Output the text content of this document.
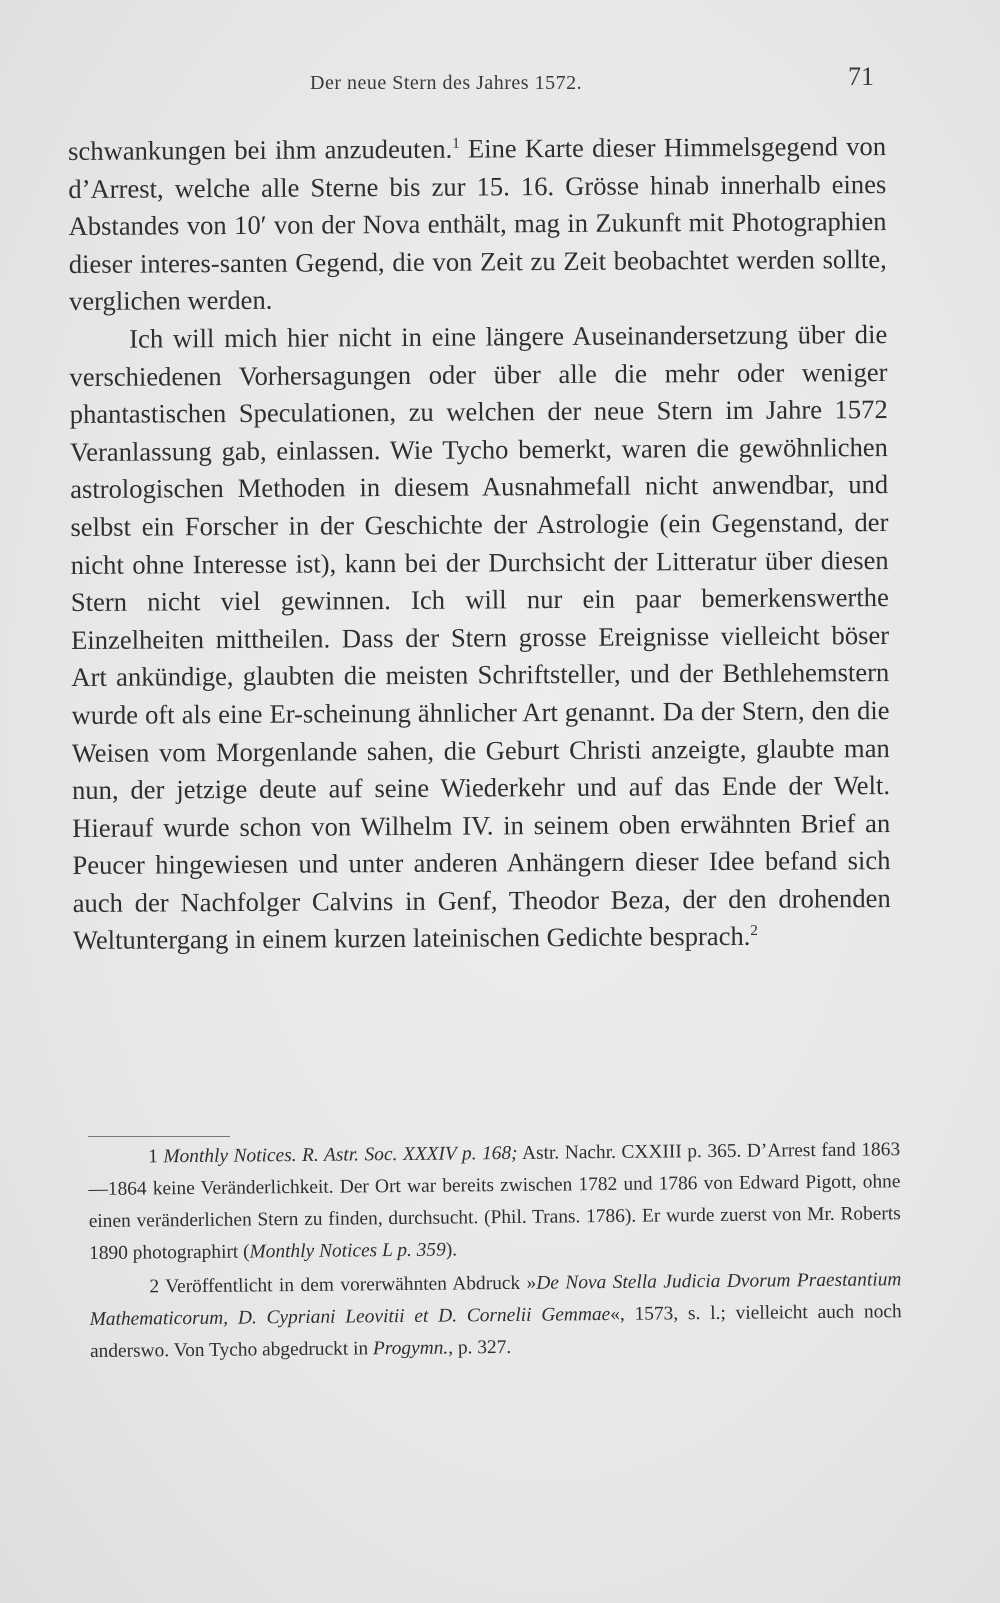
Der neue Stern des Jahres 1572.	71

schwankungen bei ihm anzudeuten.$^1$ Eine Karte dieser Himmelsgegend von d’Arrest, welche alle Sterne bis zur 15. 16. Grösse hinab innerhalb eines Abstandes von 10′ von der Nova enthält, mag in Zukunft mit Photographien dieser interes-santen Gegend, die von Zeit zu Zeit beobachtet werden sollte, verglichen werden.

Ich will mich hier nicht in eine längere Auseinandersetzung über die verschiedenen Vorhersagungen oder über alle die mehr oder weniger phantastischen Speculationen, zu welchen der neue Stern im Jahre 1572 Veranlassung gab, einlassen. Wie Tycho bemerkt, waren die gewöhnlichen astrologischen Methoden in diesem Ausnahmefall nicht anwendbar, und selbst ein Forscher in der Geschichte der Astrologie (ein Gegenstand, der nicht ohne Interesse ist), kann bei der Durchsicht der Litteratur über diesen Stern nicht viel gewinnen. Ich will nur ein paar bemerkenswerthe Einzelheiten mittheilen. Dass der Stern grosse Ereignisse vielleicht böser Art ankündige, glaubten die meisten Schriftsteller, und der Bethlehemstern wurde oft als eine Er-scheinung ähnlicher Art genannt. Da der Stern, den die Weisen vom Morgenlande sahen, die Geburt Christi anzeigte, glaubte man nun, der jetzige deute auf seine Wiederkehr und auf das Ende der Welt. Hierauf wurde schon von Wilhelm IV. in seinem oben erwähnten Brief an Peucer hingewiesen und unter anderen Anhängern dieser Idee befand sich auch der Nachfolger Calvins in Genf, Theodor Beza, der den drohenden Weltuntergang in einem kurzen lateinischen Gedichte besprach.$^2$

1 Monthly Notices. R. Astr. Soc. XXXIV p. 168; Astr. Nachr. CXXIII p. 365. D’Arrest fand 1863—1864 keine Veränderlichkeit. Der Ort war bereits zwischen 1782 und 1786 von Edward Pigott, ohne einen veränderlichen Stern zu finden, durchsucht. (Phil. Trans. 1786). Er wurde zuerst von Mr. Roberts 1890 photographirt (Monthly Notices L p. 359).

2 Veröffentlicht in dem vorerwähnten Abdruck »De Nova Stella Judicia Dvorum Praestantium Mathematicorum, D. Cypriani Leovitii et D. Cornelii Gemmae«, 1573, s. l.; vielleicht auch noch anderswo. Von Tycho abgedruckt in Progymn., p. 327.
